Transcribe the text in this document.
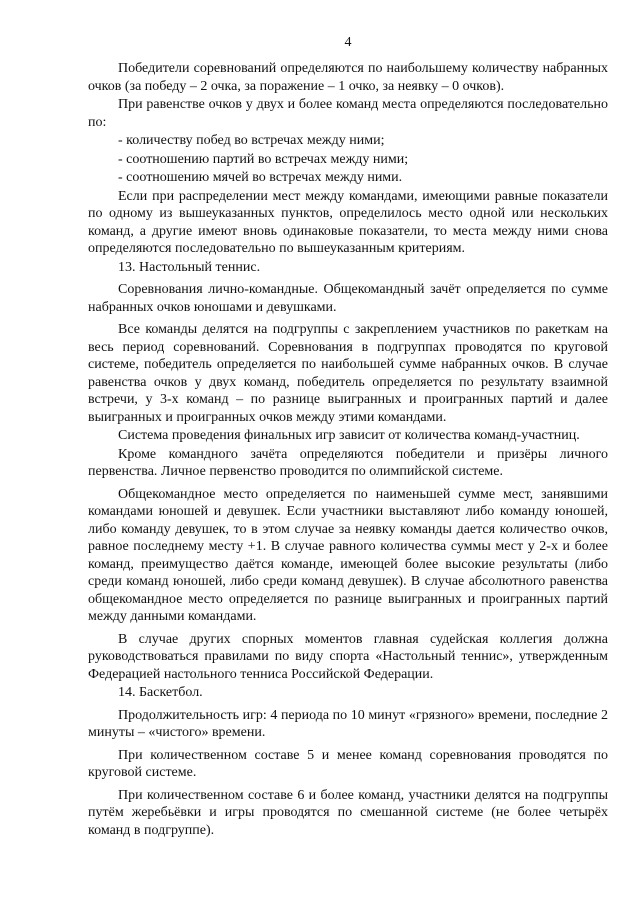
4

Победители соревнований определяются по наибольшему количеству набранных очков (за победу – 2 очка, за поражение – 1 очко, за неявку – 0 очков).

При равенстве очков у двух и более команд места определяются последовательно по:

- количеству побед во встречах между ними;

- соотношению партий во встречах между ними;

- соотношению мячей во встречах между ними.

Если при распределении мест между командами, имеющими равные показатели по одному из вышеуказанных пунктов, определилось место одной или нескольких команд, а другие имеют вновь одинаковые показатели, то места между ними снова определяются последовательно по вышеуказанным критериям.

13. Настольный теннис.

Соревнования лично-командные. Общекомандный зачёт определяется по сумме набранных очков юношами и девушками.

Все команды делятся на подгруппы с закреплением участников по ракеткам на весь период соревнований. Соревнования в подгруппах проводятся по круговой системе, победитель определяется по наибольшей сумме набранных очков. В случае равенства очков у двух команд, победитель определяется по результату взаимной встречи, у 3-х команд – по разнице выигранных и проигранных партий и далее выигранных и проигранных очков между этими командами.

Система проведения финальных игр зависит от количества команд-участниц.

Кроме командного зачёта определяются победители и призёры личного первенства. Личное первенство проводится по олимпийской системе.

Общекомандное место определяется по наименьшей сумме мест, занявшими командами юношей и девушек. Если участники выставляют либо команду юношей, либо команду девушек, то в этом случае за неявку команды дается количество очков, равное последнему месту +1. В случае равного количества суммы мест у 2-х и более команд, преимущество даётся команде, имеющей более высокие результаты (либо среди команд юношей, либо среди команд девушек). В случае абсолютного равенства общекомандное место определяется по разнице выигранных и проигранных партий между данными командами.

В случае других спорных моментов главная судейская коллегия должна руководствоваться правилами по виду спорта «Настольный теннис», утвержденным Федерацией настольного тенниса Российской Федерации.

14. Баскетбол.

Продолжительность игр: 4 периода по 10 минут «грязного» времени, последние 2 минуты – «чистого» времени.

При количественном составе 5 и менее команд соревнования проводятся по круговой системе.

При количественном составе 6 и более команд, участники делятся на подгруппы путём жеребьёвки и игры проводятся по смешанной системе (не более четырёх команд в подгруппе).
